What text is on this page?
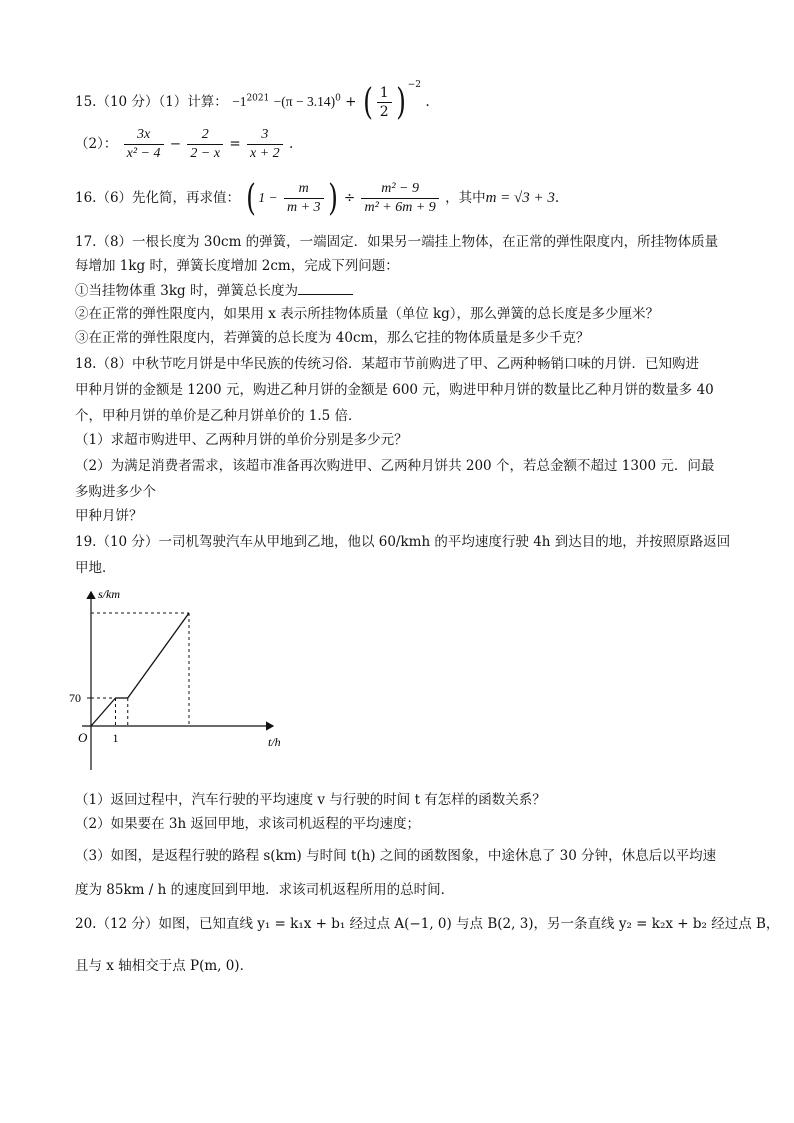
15.（10 分）（1）计算： $-1^{2021} -(\pi - 3.14)^0$ + ( $\frac{1}{2}$ ) $^{-2}$ .
（2）： $\frac{3x}{\text{x² − 4}} - \frac{2}{2 - x} = \frac{3}{x + 2}$ .
16.（6）先化简，再求值： ( $1 - \frac{m}{m + 3}$ ) ÷ $\frac{\text{m² − 9}}{\text{m² + 6m + 9}}$ ，其中m = √3 + 3.
17.（8）一根长度为 30cm 的弹簧，一端固定．如果另一端挂上物体，在正常的弹性限度内，所挂物体质量
每增加 1kg 时，弹簧长度增加 2cm，完成下列问题：
①当挂物体重 3kg 时，弹簧总长度为
②在正常的弹性限度内，如果用 x 表示所挂物体质量（单位 kg），那么弹簧的总长度是多少厘米？
③在正常的弹性限度内，若弹簧的总长度为 40cm，那么它挂的物体质量是多少千克？
18.（8）中秋节吃月饼是中华民族的传统习俗．某超市节前购进了甲、乙两种畅销口味的月饼．已知购进
甲种月饼的金额是 1200 元，购进乙种月饼的金额是 600 元，购进甲种月饼的数量比乙种月饼的数量多 40
个，甲种月饼的单价是乙种月饼单价的 1.5 倍．
（1）求超市购进甲、乙两种月饼的单价分别是多少元？
（2）为满足消费者需求，该超市准备再次购进甲、乙两种月饼共 200 个，若总金额不超过 1300 元．问最
多购进多少个
甲种月饼？
19.（10 分）一司机驾驶汽车从甲地到乙地，他以 60/kmh 的平均速度行驶 4h 到达目的地，并按照原路返回
甲地．
s/km
t/h
O 1
70
（1）返回过程中，汽车行驶的平均速度 v 与行驶的时间 t 有怎样的函数关系？
（2）如果要在 3h 返回甲地，求该司机返程的平均速度；
（3）如图，是返程行驶的路程 s(km) 与时间 t(h) 之间的函数图象，中途休息了 30 分钟，休息后以平均速
度为 85km / h 的速度回到甲地．求该司机返程所用的总时间．
20.（12 分）如图，已知直线 y₁ = k₁x + b₁ 经过点 A(−1, 0) 与点 B(2, 3)，另一条直线 y₂ = k₂x + b₂ 经过点 B，
且与 x 轴相交于点 P(m, 0)．
